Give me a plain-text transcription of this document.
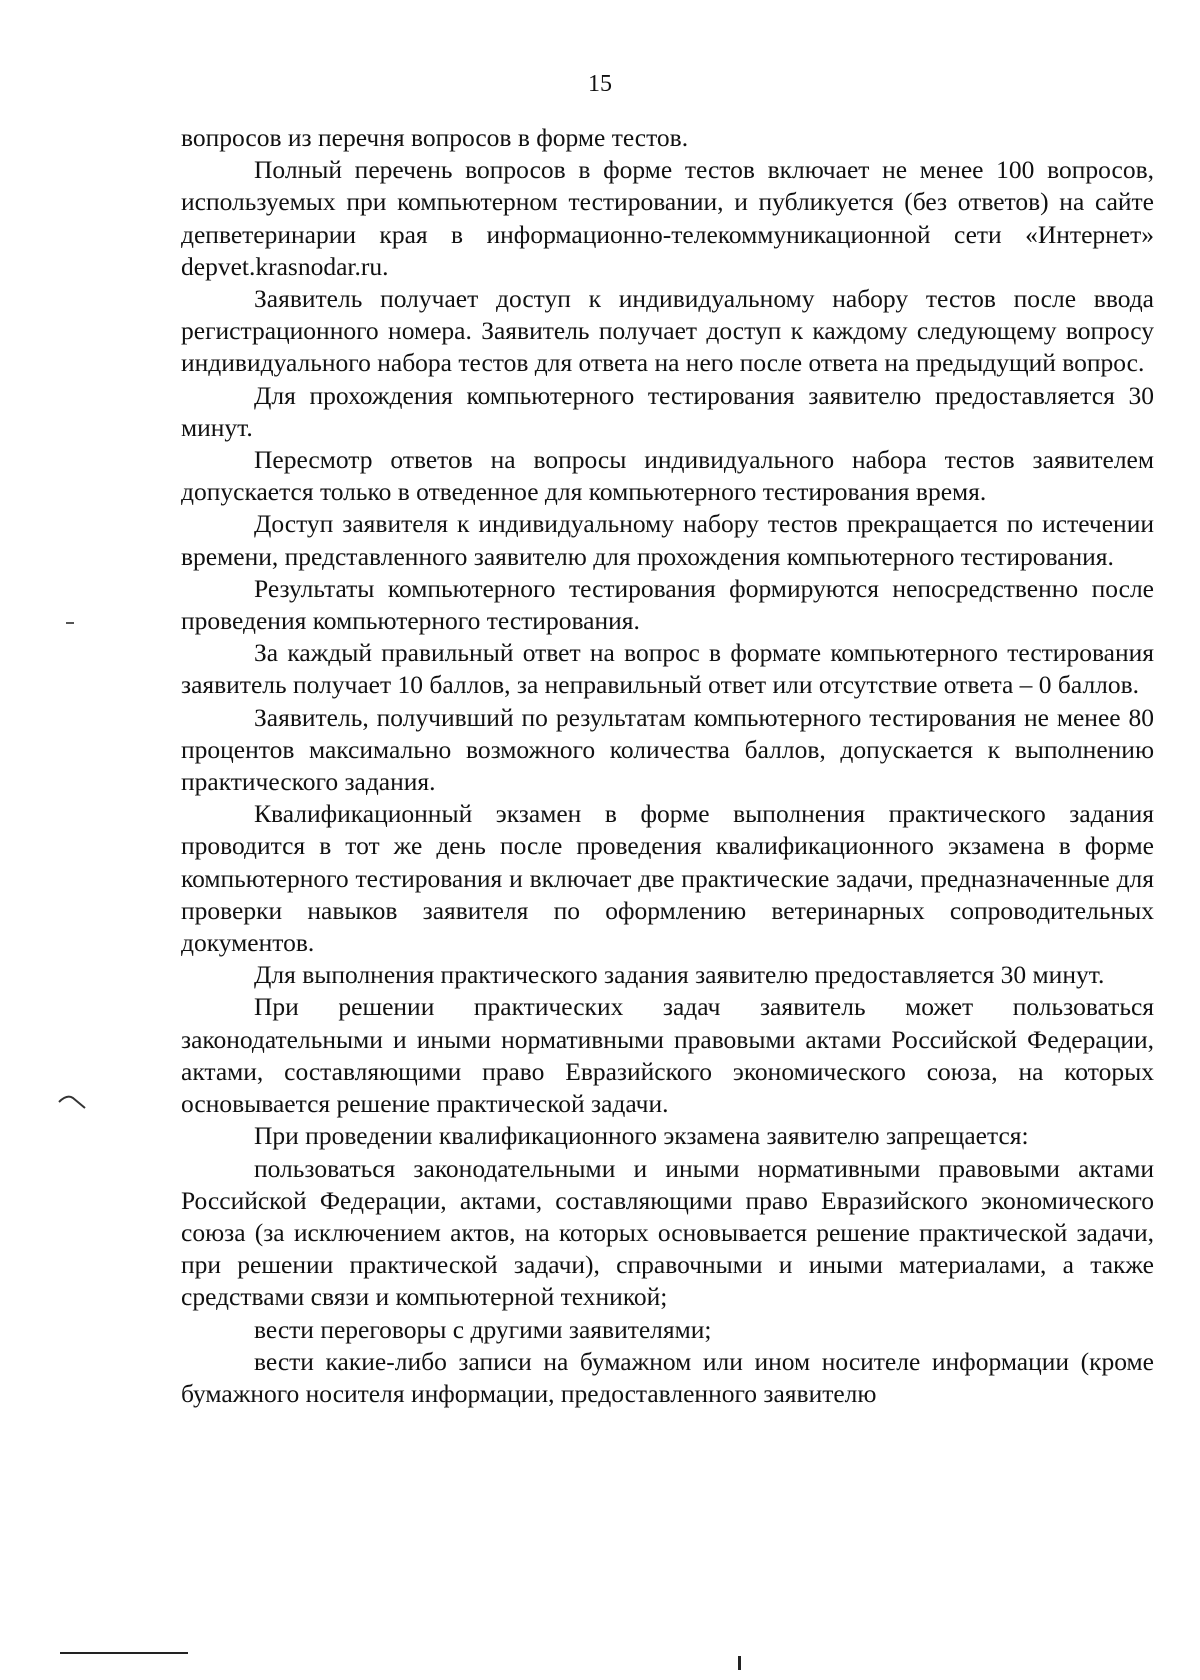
15

вопросов из перечня вопросов в форме тестов.

Полный перечень вопросов в форме тестов включает не менее 100 вопросов, используемых при компьютерном тестировании, и публикуется (без ответов) на сайте депветеринарии края в информационно-телекоммуникационной сети «Интернет» depvet.krasnodar.ru.

Заявитель получает доступ к индивидуальному набору тестов после ввода регистрационного номера. Заявитель получает доступ к каждому следующему вопросу индивидуального набора тестов для ответа на него после ответа на предыдущий вопрос.

Для прохождения компьютерного тестирования заявителю предоставляется 30 минут.

Пересмотр ответов на вопросы индивидуального набора тестов заявителем допускается только в отведенное для компьютерного тестирования время.

Доступ заявителя к индивидуальному набору тестов прекращается по истечении времени, представленного заявителю для прохождения компьютерного тестирования.

Результаты компьютерного тестирования формируются непосредственно после проведения компьютерного тестирования.

За каждый правильный ответ на вопрос в формате компьютерного тестирования заявитель получает 10 баллов, за неправильный ответ или отсутствие ответа – 0 баллов.

Заявитель, получивший по результатам компьютерного тестирования не менее 80 процентов максимально возможного количества баллов, допускается к выполнению практического задания.

Квалификационный экзамен в форме выполнения практического задания проводится в тот же день после проведения квалификационного экзамена в форме компьютерного тестирования и включает две практические задачи, предназначенные для проверки навыков заявителя по оформлению ветеринарных сопроводительных документов.

Для выполнения практического задания заявителю предоставляется 30 минут.

При решении практических задач заявитель может пользоваться законодательными и иными нормативными правовыми актами Российской Федерации, актами, составляющими право Евразийского экономического союза, на которых основывается решение практической задачи.

При проведении квалификационного экзамена заявителю запрещается:

пользоваться законодательными и иными нормативными правовыми актами Российской Федерации, актами, составляющими право Евразийского экономического союза (за исключением актов, на которых основывается решение практической задачи, при решении практической задачи), справочными и иными материалами, а также средствами связи и компьютерной техникой;

вести переговоры с другими заявителями;

вести какие-либо записи на бумажном или ином носителе информации (кроме бумажного носителя информации, предоставленного заявителю
